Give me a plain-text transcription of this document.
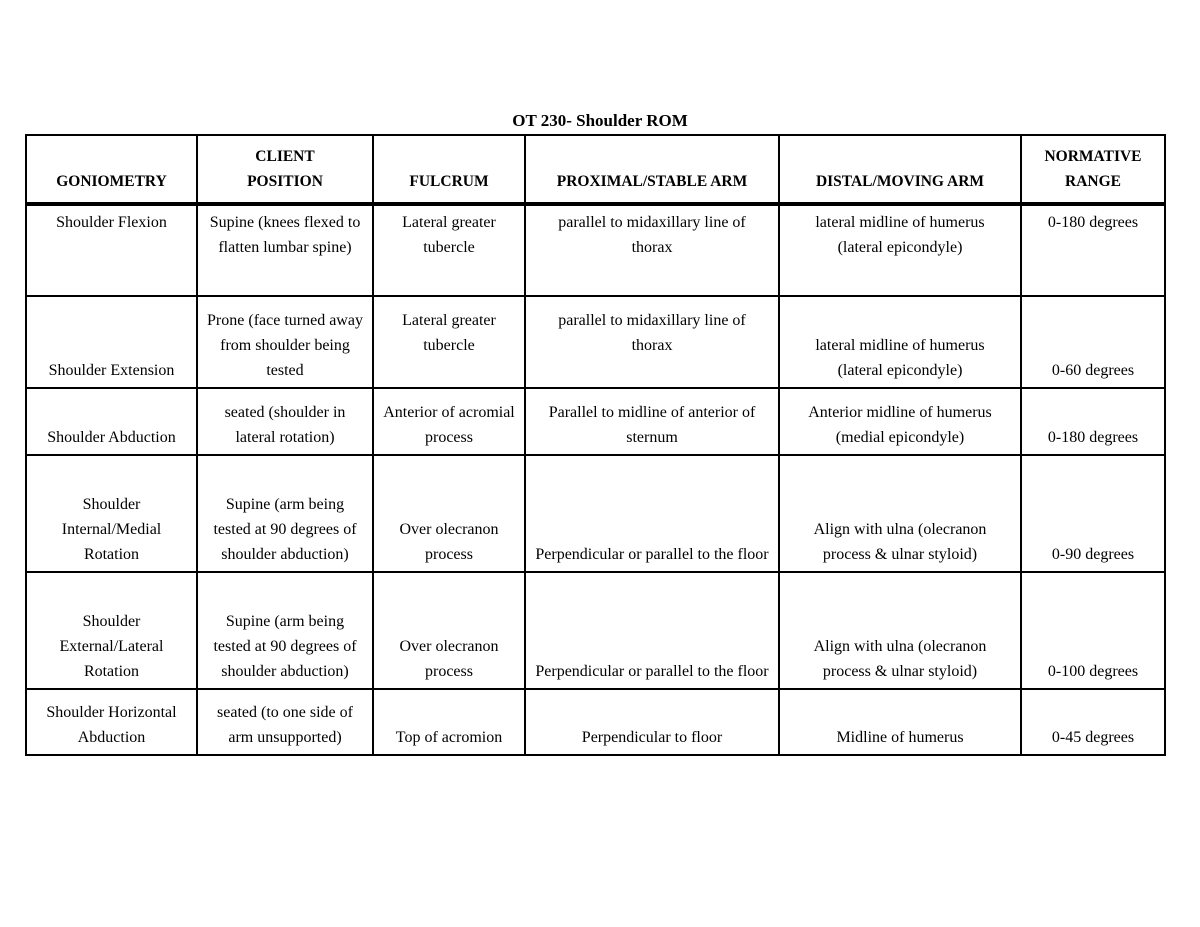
OT 230- Shoulder ROM
GONIOMETRY	CLIENT POSITION	FULCRUM	PROXIMAL/STABLE ARM	DISTAL/MOVING ARM	NORMATIVE RANGE
Shoulder Flexion	Supine (knees flexed to flatten lumbar spine)	Lateral greater tubercle	parallel to midaxillary line of thorax	lateral midline of humerus (lateral epicondyle)	0-180 degrees
Shoulder Extension	Prone (face turned away from shoulder being tested	Lateral greater tubercle	parallel to midaxillary line of thorax	lateral midline of humerus (lateral epicondyle)	0-60 degrees
Shoulder Abduction	seated (shoulder in lateral rotation)	Anterior of acromial process	Parallel to midline of anterior of sternum	Anterior midline of humerus (medial epicondyle)	0-180 degrees
Shoulder Internal/Medial Rotation	Supine (arm being tested at 90 degrees of shoulder abduction)	Over olecranon process	Perpendicular or parallel to the floor	Align with ulna (olecranon process & ulnar styloid)	0-90 degrees
Shoulder External/Lateral Rotation	Supine (arm being tested at 90 degrees of shoulder abduction)	Over olecranon process	Perpendicular or parallel to the floor	Align with ulna (olecranon process & ulnar styloid)	0-100 degrees
Shoulder Horizontal Abduction	seated (to one side of arm unsupported)	Top of acromion	Perpendicular to floor	Midline of humerus	0-45 degrees
